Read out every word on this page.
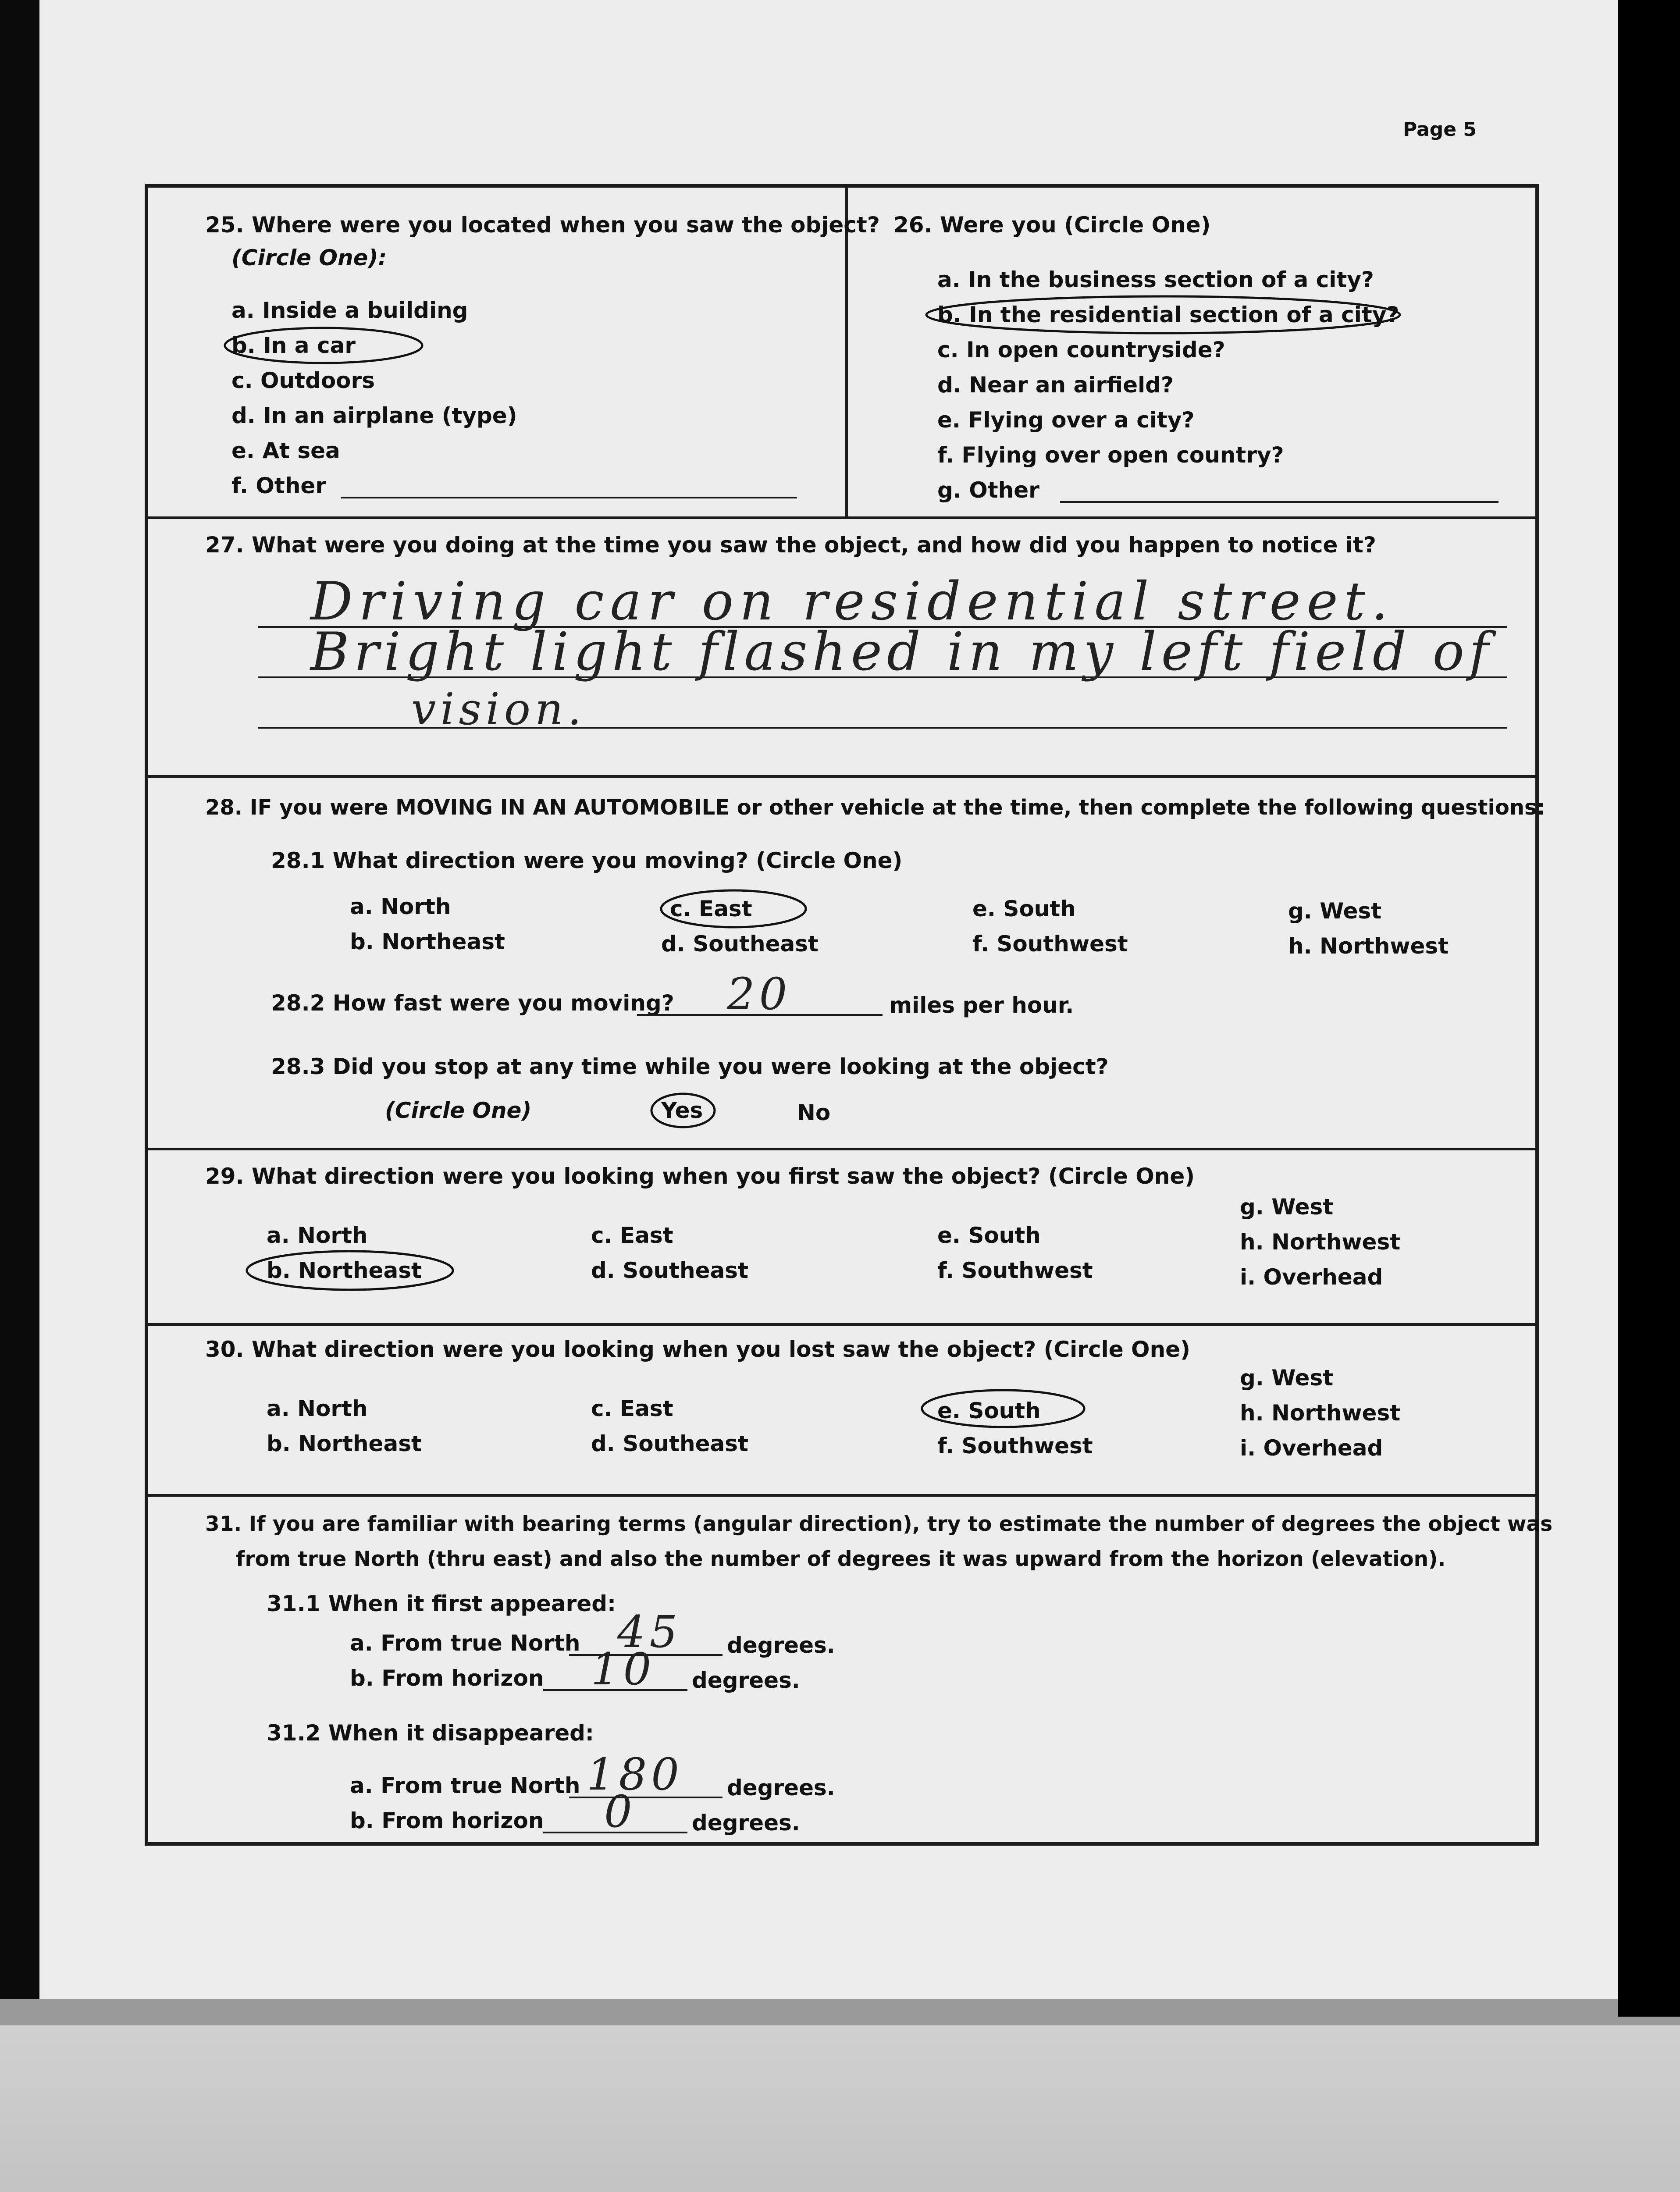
Page 5
25. Where were you located when you saw the object?
(Circle One):
a. Inside a building
b. In a car
c. Outdoors
d. In an airplane (type)
e. At sea
f. Other
26. Were you (Circle One)
a. In the business section of a city?
b. In the residential section of a city?
c. In open countryside?
d. Near an airfield?
e. Flying over a city?
f. Flying over open country?
g. Other
27. What were you doing at the time you saw the object, and how did you happen to notice it?
Driving car on residential street.
Bright light flashed in my left field of
vision.
28. IF you were MOVING IN AN AUTOMOBILE or other vehicle at the time, then complete the following questions:
28.1 What direction were you moving? (Circle One)
a. North
b. Northeast
c. East
d. Southeast
e. South
f. Southwest
g. West
h. Northwest
28.2 How fast were you moving? 20	miles per hour.
28.3 Did you stop at any time while you were looking at the object?
(Circle One)	Yes	No
29. What direction were you looking when you first saw the object? (Circle One)
a. North
b. Northeast
c. East
d. Southeast
e. South
f. Southwest
g. West
h. Northwest
i. Overhead
30. What direction were you looking when you lost saw the object? (Circle One)
a. North
b. Northeast
c. East
d. Southeast
e. South
f. Southwest
g. West
h. Northwest
i. Overhead
31. If you are familiar with bearing terms (angular direction), try to estimate the number of degrees the object was
from true North (thru east) and also the number of degrees it was upward from the horizon (elevation).
31.1 When it first appeared:
a. From true North 45 degrees.
b. From horizon 10 degrees.
31.2 When it disappeared:
a. From true North 180 degrees.
b. From horizon 0	degrees.
